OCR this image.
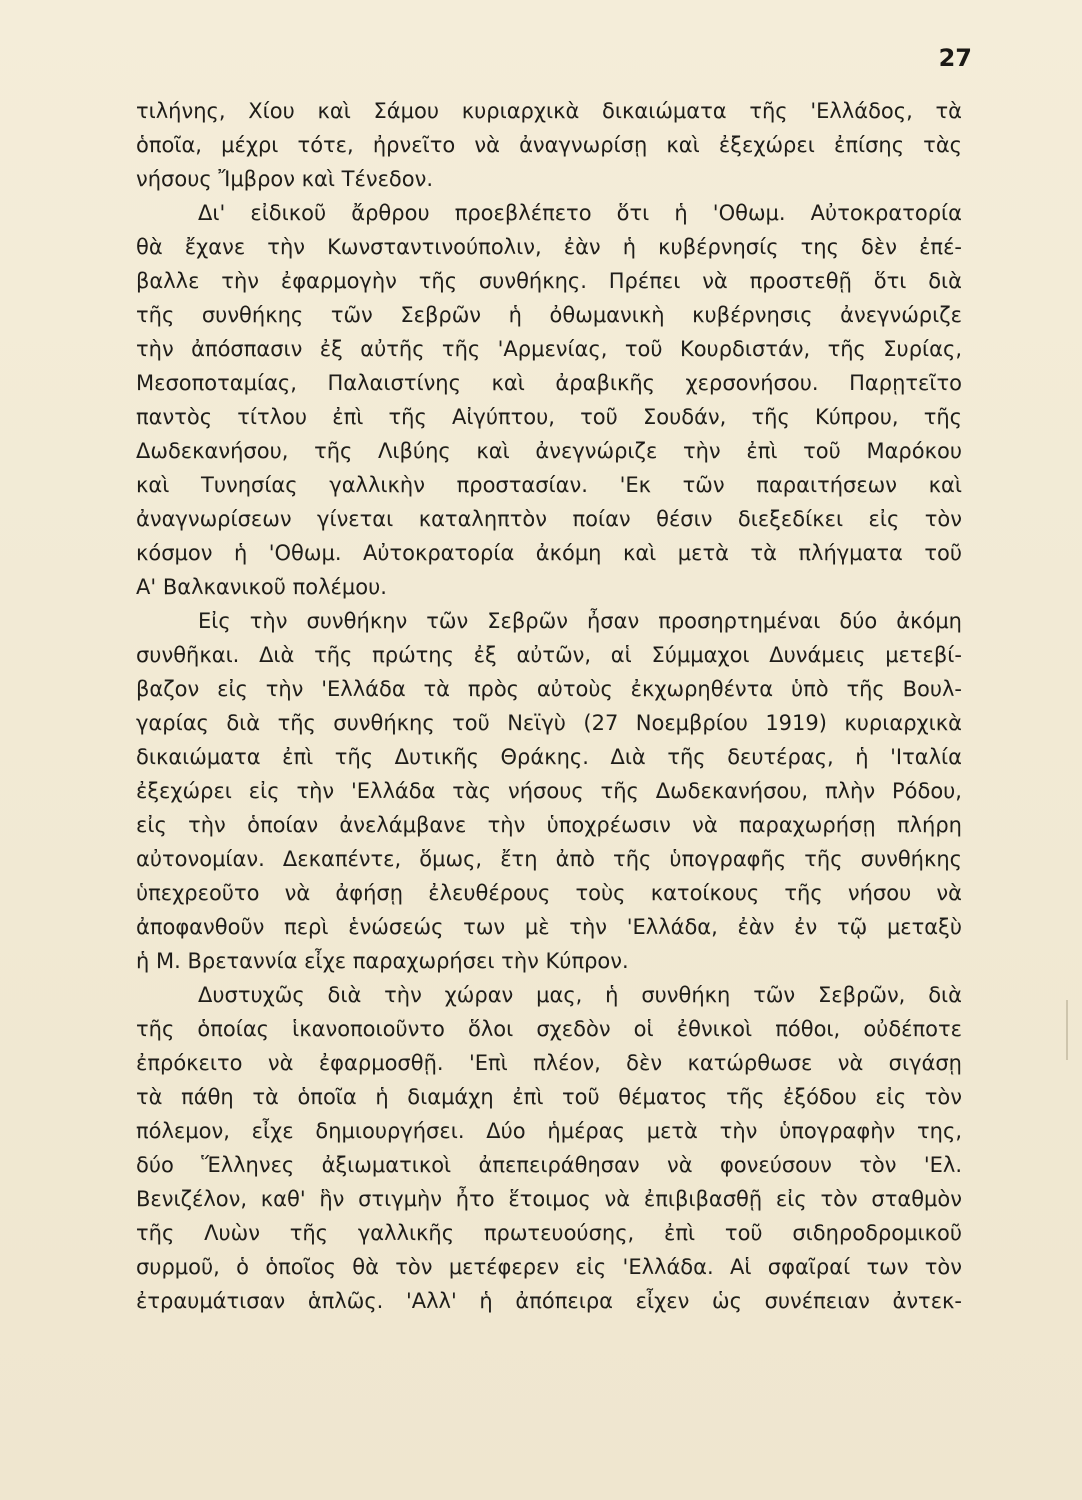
27
τιλήνης, Χίου καὶ Σάμου κυριαρχικὰ δικαιώματα τῆς 'Ελλάδος, τὰ
ὁποῖα, μέχρι τότε, ἠρνεῖτο νὰ ἀναγνωρίσῃ καὶ ἐξεχώρει ἐπίσης τὰς
νήσους Ἴμβρον καὶ Τένεδον.
Δι' εἰδικοῦ ἄρθρου προεβλέπετο ὅτι ἡ 'Οθωμ. Αὐτοκρατορία
θὰ ἔχανε τὴν Κωνσταντινούπολιν, ἐὰν ἡ κυβέρνησίς της δὲν ἐπέ-
βαλλε τὴν ἐφαρμογὴν τῆς συνθήκης. Πρέπει νὰ προστεθῇ ὅτι διὰ
τῆς συνθήκης τῶν Σεβρῶν ἡ ὀθωμανικὴ κυβέρνησις ἀνεγνώριζε
τὴν ἀπόσπασιν ἐξ αὐτῆς τῆς 'Αρμενίας, τοῦ Κουρδιστάν, τῆς Συρίας,
Μεσοποταμίας, Παλαιστίνης καὶ ἀραβικῆς χερσονήσου. Παρῃτεῖτο
παντὸς τίτλου ἐπὶ τῆς Αἰγύπτου, τοῦ Σουδάν, τῆς Κύπρου, τῆς
Δωδεκανήσου, τῆς Λιβύης καὶ ἀνεγνώριζε τὴν ἐπὶ τοῦ Μαρόκου
καὶ Τυνησίας γαλλικὴν προστασίαν. 'Εκ τῶν παραιτήσεων καὶ
ἀναγνωρίσεων γίνεται καταληπτὸν ποίαν θέσιν διεξεδίκει εἰς τὸν
κόσμον ἡ 'Οθωμ. Αὐτοκρατορία ἀκόμη καὶ μετὰ τὰ πλήγματα τοῦ
Α' Βαλκανικοῦ πολέμου.
Εἰς τὴν συνθήκην τῶν Σεβρῶν ἦσαν προσηρτημέναι δύο ἀκόμη
συνθῆκαι. Διὰ τῆς πρώτης ἐξ αὐτῶν, αἱ Σύμμαχοι Δυνάμεις μετεβί-
βαζον εἰς τὴν 'Ελλάδα τὰ πρὸς αὐτοὺς ἐκχωρηθέντα ὑπὸ τῆς Βουλ-
γαρίας διὰ τῆς συνθήκης τοῦ Νεϊγὺ (27 Νοεμβρίου 1919) κυριαρχικὰ
δικαιώματα ἐπὶ τῆς Δυτικῆς Θράκης. Διὰ τῆς δευτέρας, ἡ 'Ιταλία
ἐξεχώρει εἰς τὴν 'Ελλάδα τὰς νήσους τῆς Δωδεκανήσου, πλὴν Ρόδου,
εἰς τὴν ὁποίαν ἀνελάμβανε τὴν ὑποχρέωσιν νὰ παραχωρήσῃ πλήρη
αὐτονομίαν. Δεκαπέντε, ὅμως, ἔτη ἀπὸ τῆς ὑπογραφῆς τῆς συνθήκης
ὑπεχρεοῦτο νὰ ἀφήσῃ ἐλευθέρους τοὺς κατοίκους τῆς νήσου νὰ
ἀποφανθοῦν περὶ ἑνώσεώς των μὲ τὴν 'Ελλάδα, ἐὰν ἐν τῷ μεταξὺ
ἡ Μ. Βρεταννία εἶχε παραχωρήσει τὴν Κύπρον.
Δυστυχῶς διὰ τὴν χώραν μας, ἡ συνθήκη τῶν Σεβρῶν, διὰ
τῆς ὁποίας ἱκανοποιοῦντο ὅλοι σχεδὸν οἱ ἐθνικοὶ πόθοι, οὐδέποτε
ἐπρόκειτο νὰ ἐφαρμοσθῇ. 'Επὶ πλέον, δὲν κατώρθωσε νὰ σιγάσῃ
τὰ πάθη τὰ ὁποῖα ἡ διαμάχη ἐπὶ τοῦ θέματος τῆς ἐξόδου εἰς τὸν
πόλεμον, εἶχε δημιουργήσει. Δύο ἡμέρας μετὰ τὴν ὑπογραφὴν της,
δύο Ἕλληνες ἀξιωματικοὶ ἀπεπειράθησαν νὰ φονεύσουν τὸν 'Ελ.
Βενιζέλον, καθ' ἣν στιγμὴν ἦτο ἕτοιμος νὰ ἐπιβιβασθῇ εἰς τὸν σταθμὸν
τῆς Λυὼν τῆς γαλλικῆς πρωτευούσης, ἐπὶ τοῦ σιδηροδρομικοῦ
συρμοῦ, ὁ ὁποῖος θὰ τὸν μετέφερεν εἰς 'Ελλάδα. Αἱ σφαῖραί των τὸν
ἐτραυμάτισαν ἁπλῶς. 'Αλλ' ἡ ἀπόπειρα εἶχεν ὡς συνέπειαν ἀντεκ-
